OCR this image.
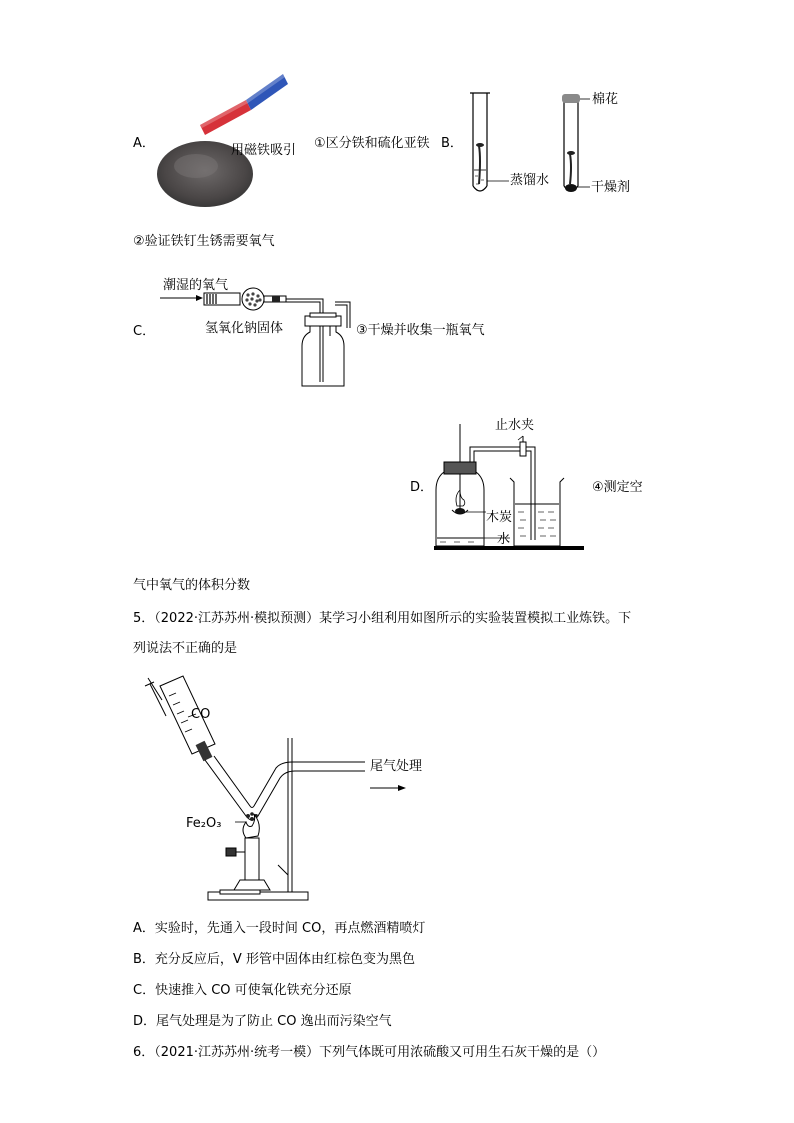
A．	用磁铁吸引 ①区分铁和硫化亚铁 B．
棉花
蒸馏水	干燥剂
②验证铁钉生锈需要氧气
潮湿的氧气
C．	氢氧化钠固体	③干燥并收集一瓶氧气
止水夹
D．
木炭
水
④测定空
气中氧气的体积分数
5．（2022·江苏苏州·模拟预测）某学习小组利用如图所示的实验装置模拟工业炼铁。下
列说法不正确的是
CO
Fe₂O₃
尾气处理
A．实验时，先通入一段时间 CO，再点燃酒精喷灯
B．充分反应后，V 形管中固体由红棕色变为黑色
C．快速推入 CO 可使氧化铁充分还原
D．尾气处理是为了防止 CO 逸出而污染空气
6．（2021·江苏苏州·统考一模）下列气体既可用浓硫酸又可用生石灰干燥的是（）
